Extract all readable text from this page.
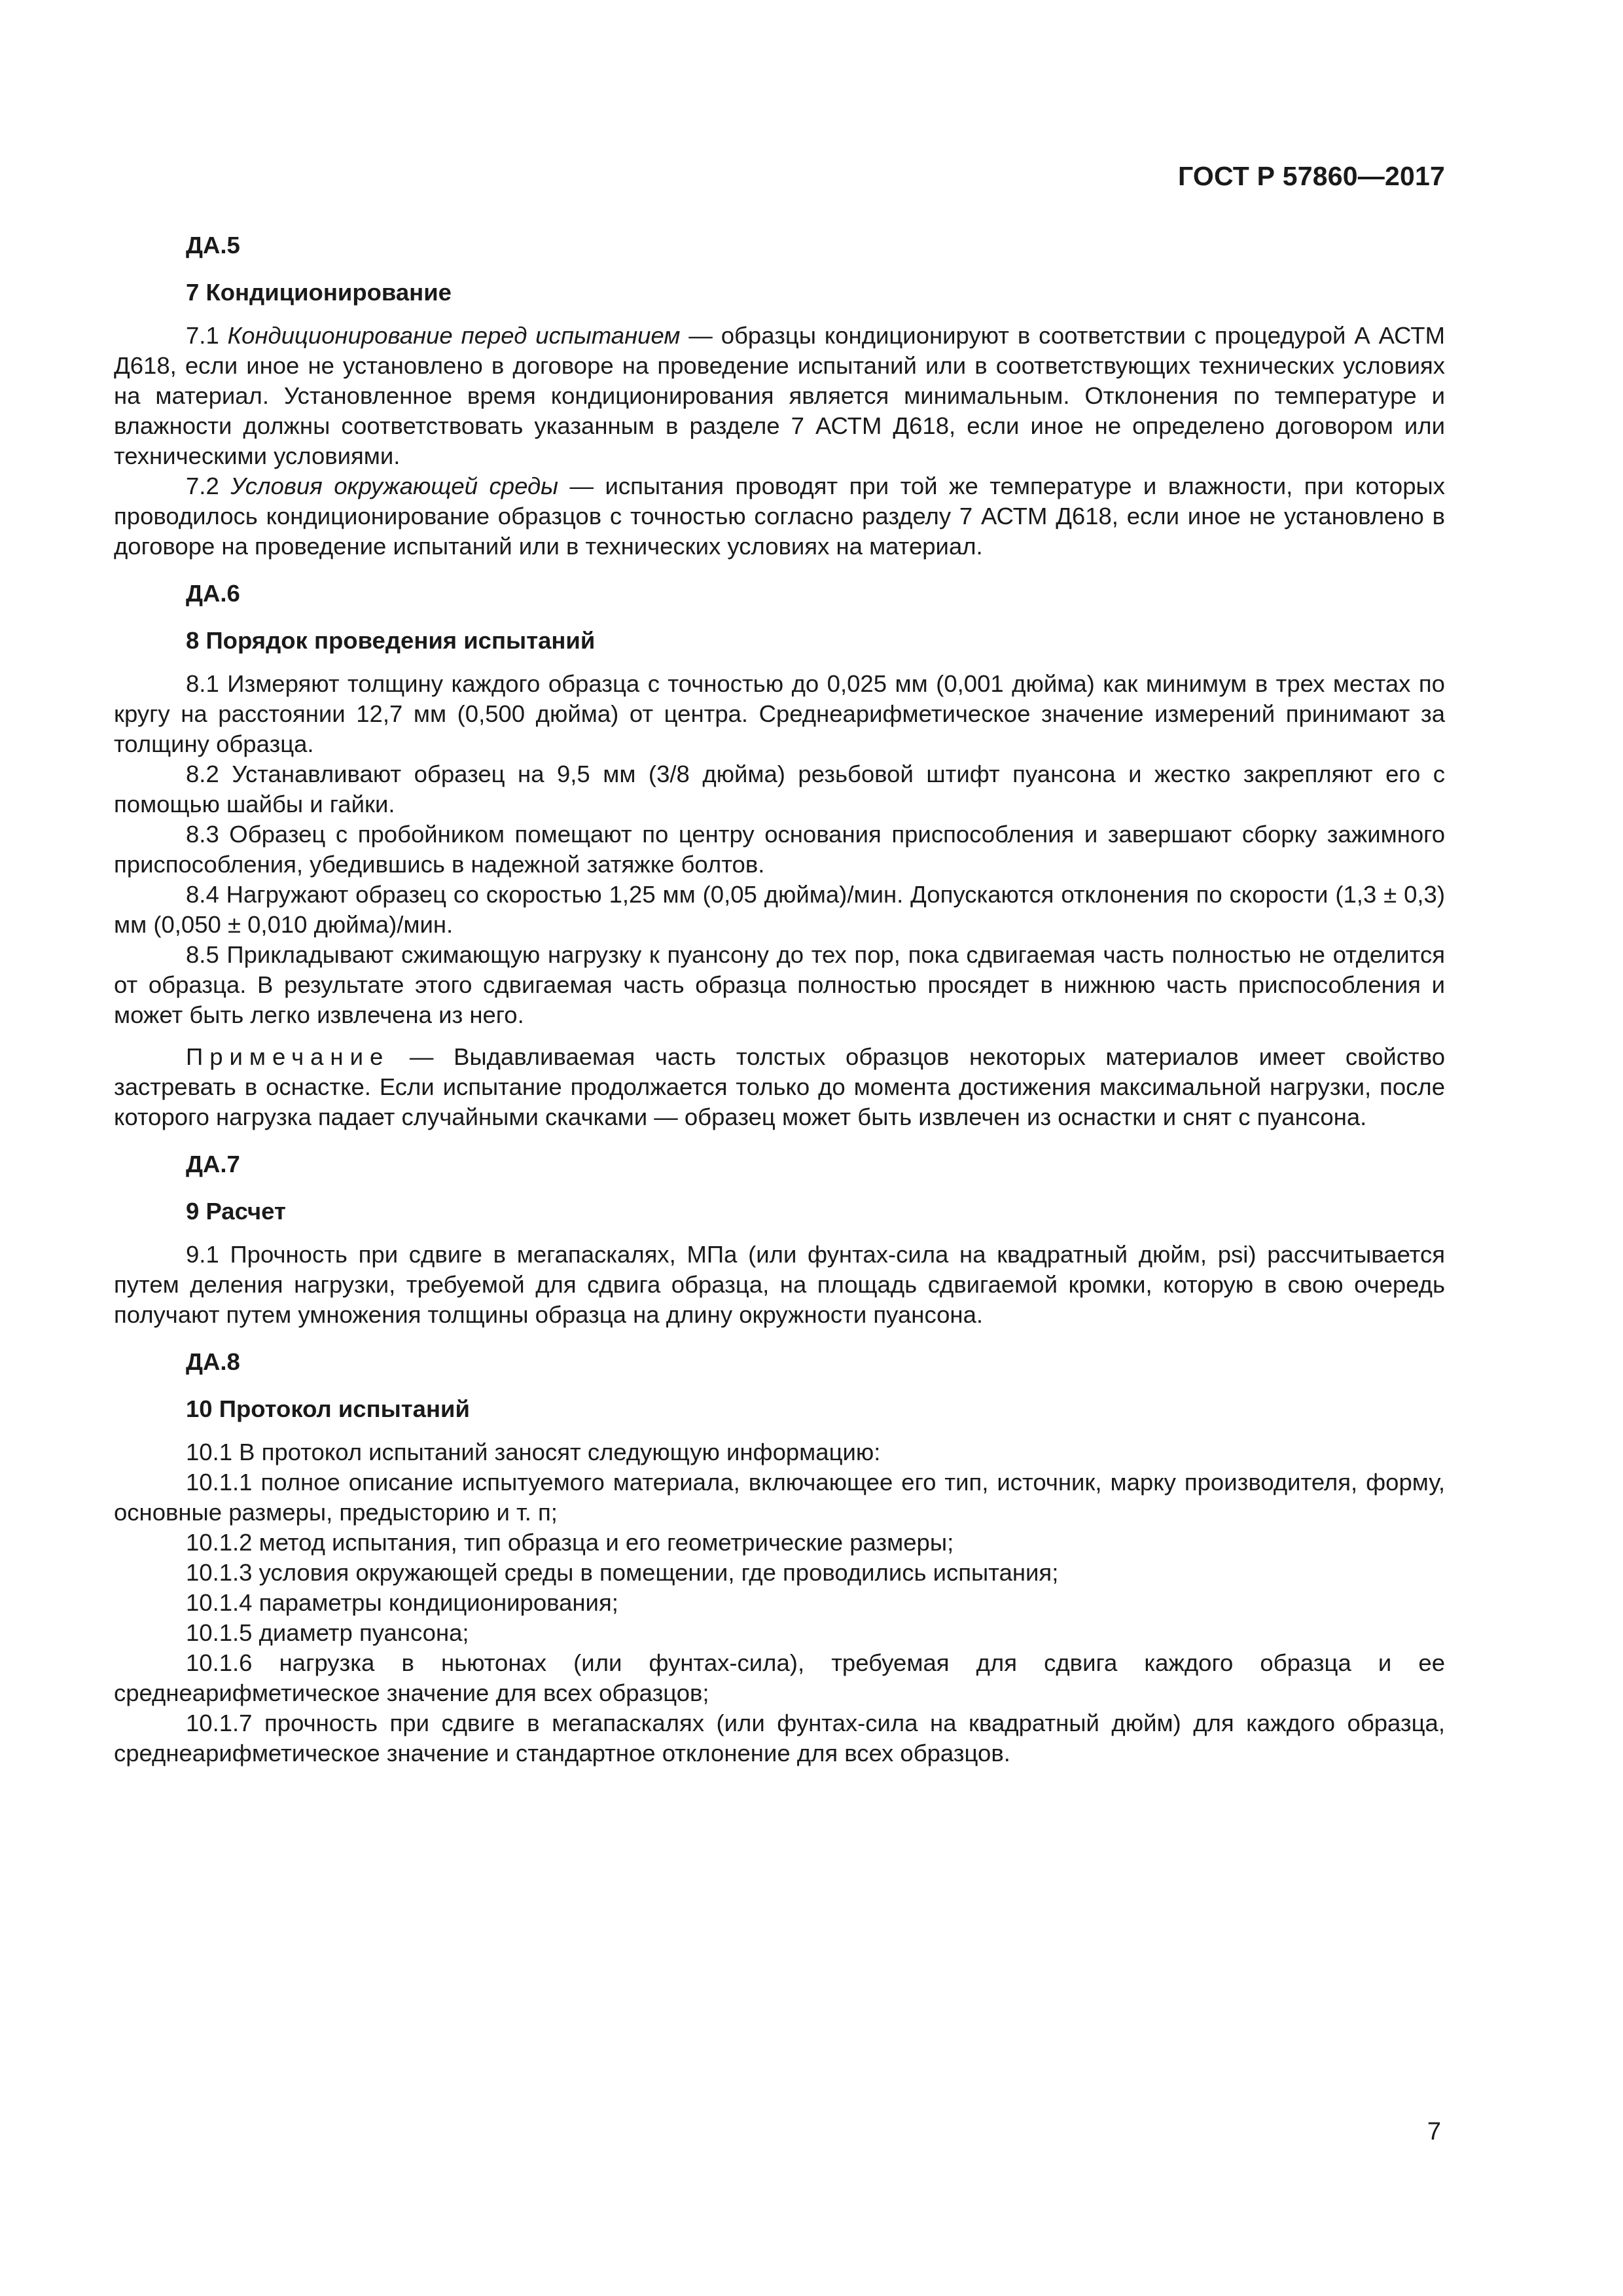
ГОСТ Р 57860—2017
ДА.5
7 Кондиционирование

7.1 Кондиционирование перед испытанием — образцы кондиционируют в соответствии с процедурой А АСТМ Д618, если иное не установлено в договоре на проведение испытаний или в соответствующих технических условиях на материал. Установленное время кондиционирования является минимальным. Отклонения по температуре и влажности должны соответствовать указанным в разделе 7 АСТМ Д618, если иное не определено договором или техническими условиями.

7.2 Условия окружающей среды — испытания проводят при той же температуре и влажности, при которых проводилось кондиционирование образцов с точностью согласно разделу 7 АСТМ Д618, если иное не установлено в договоре на проведение испытаний или в технических условиях на материал.

ДА.6
8 Порядок проведения испытаний

8.1 Измеряют толщину каждого образца с точностью до 0,025 мм (0,001 дюйма) как минимум в трех местах по кругу на расстоянии 12,7 мм (0,500 дюйма) от центра. Среднеарифметическое значение измерений принимают за толщину образца.

8.2 Устанавливают образец на 9,5 мм (3/8 дюйма) резьбовой штифт пуансона и жестко закрепляют его с помощью шайбы и гайки.

8.3 Образец с пробойником помещают по центру основания приспособления и завершают сборку зажимного приспособления, убедившись в надежной затяжке болтов.

8.4 Нагружают образец со скоростью 1,25 мм (0,05 дюйма)/мин. Допускаются отклонения по скорости (1,3 ± 0,3) мм (0,050 ± 0,010 дюйма)/мин.

8.5 Прикладывают сжимающую нагрузку к пуансону до тех пор, пока сдвигаемая часть полностью не отделится от образца. В результате этого сдвигаемая часть образца полностью просядет в нижнюю часть приспособления и может быть легко извлечена из него.

Примечание — Выдавливаемая часть толстых образцов некоторых материалов имеет свойство застревать в оснастке. Если испытание продолжается только до момента достижения максимальной нагрузки, после которого нагрузка падает случайными скачками — образец может быть извлечен из оснастки и снят с пуансона.

ДА.7
9 Расчет

9.1 Прочность при сдвиге в мегапаскалях, МПа (или фунтах-сила на квадратный дюйм, psi) рассчитывается путем деления нагрузки, требуемой для сдвига образца, на площадь сдвигаемой кромки, которую в свою очередь получают путем умножения толщины образца на длину окружности пуансона.

ДА.8
10 Протокол испытаний

10.1 В протокол испытаний заносят следующую информацию:

10.1.1 полное описание испытуемого материала, включающее его тип, источник, марку производителя, форму, основные размеры, предысторию и т. п;

10.1.2 метод испытания, тип образца и его геометрические размеры;

10.1.3 условия окружающей среды в помещении, где проводились испытания;

10.1.4 параметры кондиционирования;

10.1.5 диаметр пуансона;

10.1.6 нагрузка в ньютонах (или фунтах-сила), требуемая для сдвига каждого образца и ее среднеарифметическое значение для всех образцов;

10.1.7 прочность при сдвиге в мегапаскалях (или фунтах-сила на квадратный дюйм) для каждого образца, среднеарифметическое значение и стандартное отклонение для всех образцов.

7
